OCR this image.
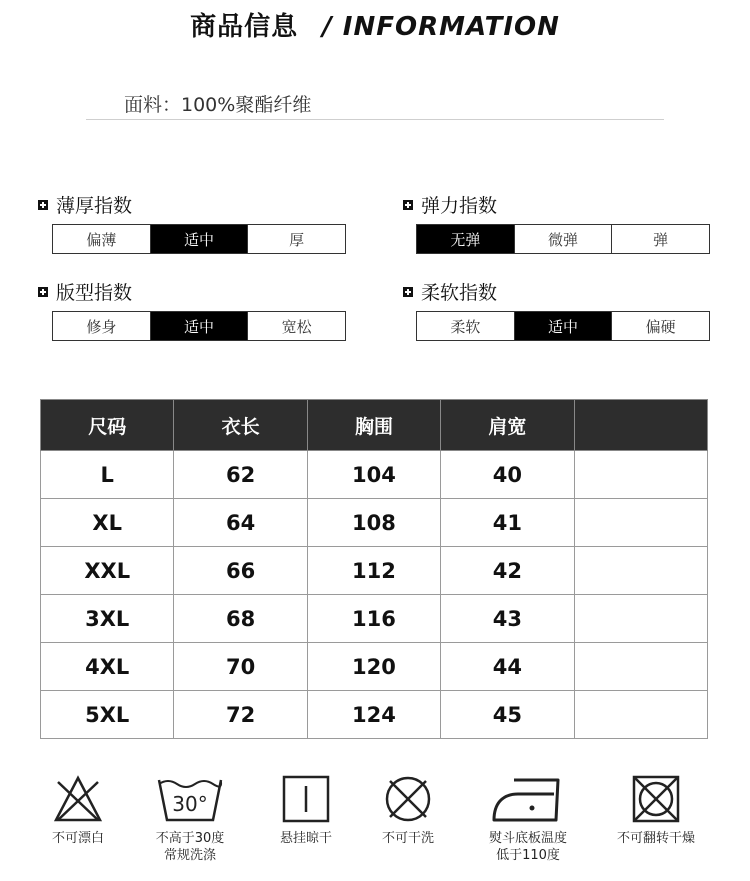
商品信息 / INFORMATION
面料：100%聚酯纤维
薄厚指数
偏薄	适中	厚
弹力指数
无弹	微弹	弹
版型指数
修身	适中	宽松
柔软指数
柔软	适中	偏硬
尺码	衣长	胸围	肩宽	
L	62	104	40	
XL	64	108	41	
XXL	66	112	42	
3XL	68	116	43	
4XL	70	120	44	
5XL	72	124	45	
不可漂白
30°
不高于30度
常规洗涤
悬挂晾干	不可干洗	熨斗底板温度
低于110度
不可翻转干燥
